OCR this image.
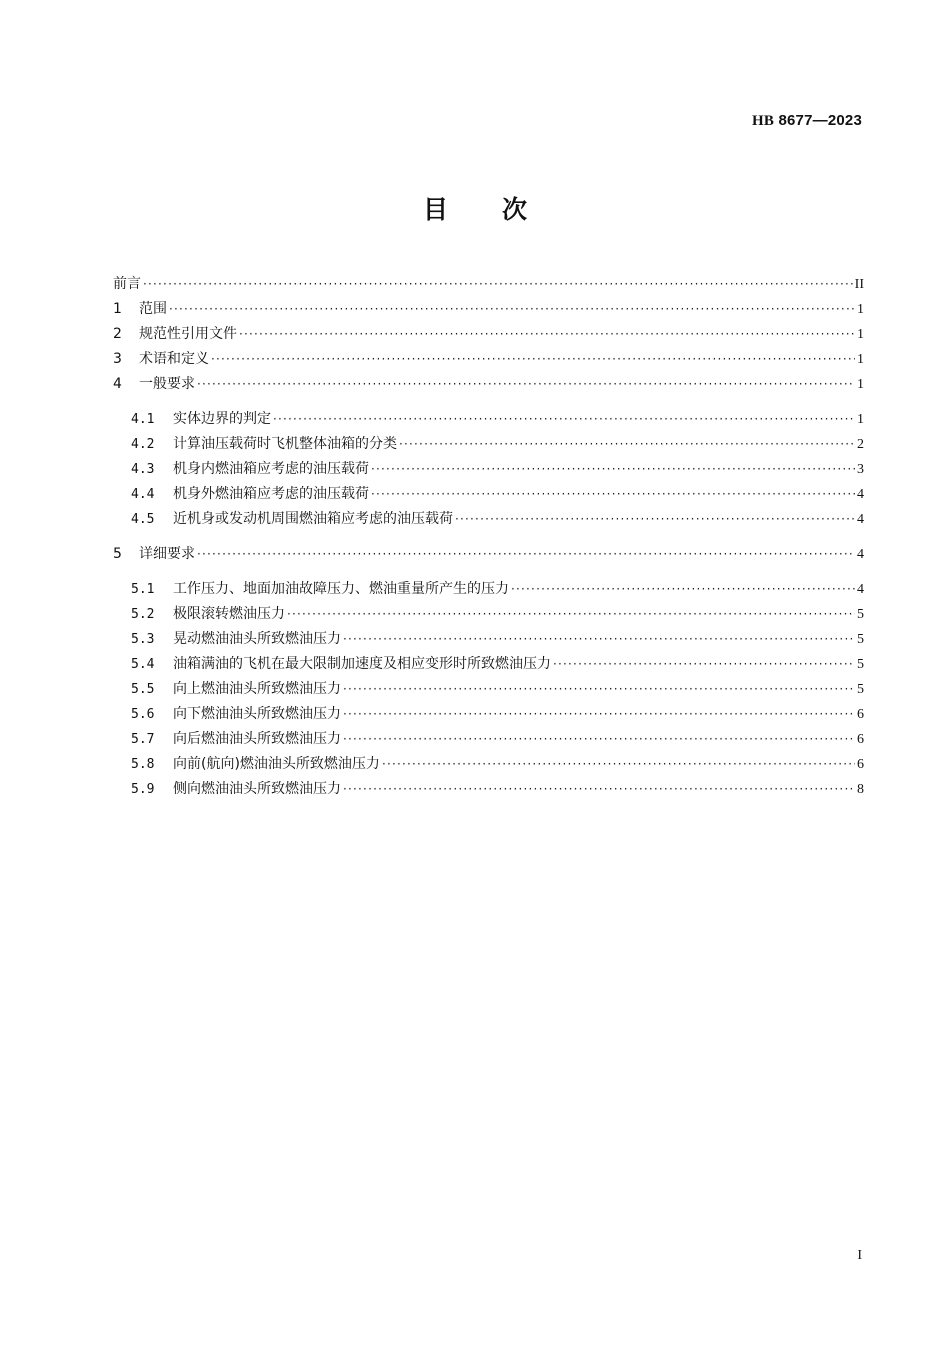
HB 8677—2023
目次
前言 ·····	II
1	范围 ·····	1
2	规范性引用文件 ·····	1
3	术语和定义 ·····	1
4	一般要求 ·····	1
4.1	实体边界的判定 ·····	1
4.2	计算油压载荷时飞机整体油箱的分类 ·····	2
4.3	机身内燃油箱应考虑的油压载荷 ·····	3
4.4	机身外燃油箱应考虑的油压载荷 ·····	4
4.5	近机身或发动机周围燃油箱应考虑的油压载荷 ·····	4
5	详细要求 ·····	4
5.1	工作压力、地面加油故障压力、燃油重量所产生的压力 ·····	4
5.2	极限滚转燃油压力 ·····	5
5.3	晃动燃油油头所致燃油压力 ·····	5
5.4	油箱满油的飞机在最大限制加速度及相应变形时所致燃油压力 ·····	5
5.5	向上燃油油头所致燃油压力 ·····	5
5.6	向下燃油油头所致燃油压力 ·····	6
5.7	向后燃油油头所致燃油压力 ·····	6
5.8	向前(航向)燃油油头所致燃油压力 ·····	6
5.9	侧向燃油油头所致燃油压力 ·····	8
I
